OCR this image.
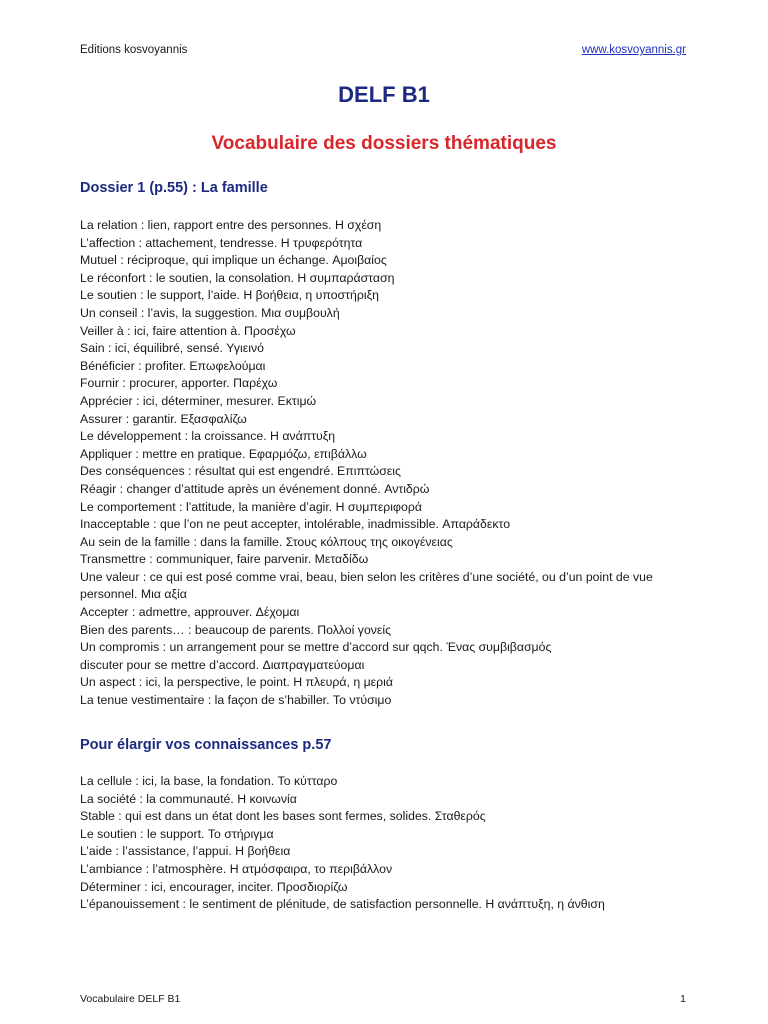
Editions kosvoyannis	www.kosvoyannis.gr
DELF B1
Vocabulaire des dossiers thématiques
Dossier 1 (p.55) : La famille

La relation : lien, rapport entre des personnes. Η σχέση

L’affection : attachement, tendresse. Η τρυφερότητα

Mutuel : réciproque, qui implique un échange. Αμοιβαίος

Le réconfort : le soutien, la consolation. Η συμπαράσταση

Le soutien : le support, l’aide. Η βοήθεια, η υποστήριξη

Un conseil : l’avis, la suggestion. Μια συμβουλή

Veiller à : ici, faire attention à. Προσέχω

Sain : ici, équilibré, sensé. Υγιεινό

Bénéficier : profiter. Επωφελούμαι

Fournir : procurer, apporter. Παρέχω

Apprécier : ici, déterminer, mesurer. Εκτιμώ

Assurer : garantir. Εξασφαλίζω

Le développement : la croissance. Η ανάπτυξη

Appliquer : mettre en pratique. Εφαρμόζω, επιβάλλω

Des conséquences : résultat qui est engendré. Επιπτώσεις

Réagir : changer d’attitude après un événement donné. Αντιδρώ

Le comportement : l’attitude, la manière d’agir. Η συμπεριφορά

Inacceptable : que l’on ne peut accepter, intolérable, inadmissible. Απαράδεκτο

Au sein de la famille : dans la famille. Στους κόλπους της οικογένειας

Transmettre : communiquer, faire parvenir. Μεταδίδω

Une valeur : ce qui est posé comme vrai, beau, bien selon les critères d’une société, ou d’un point de vue personnel. Μια αξία

Accepter : admettre, approuver. Δέχομαι

Bien des parents… : beaucoup de parents. Πολλοί γονείς

Un compromis : un arrangement pour se mettre d’accord sur qqch. Ένας συμβιβασμός

discuter pour se mettre d’accord. Διαπραγματεύομαι

Un aspect : ici, la perspective, le point. Η πλευρά, η μεριά

La tenue vestimentaire : la façon de s’habiller. Το ντύσιμο

Pour élargir vos connaissances p.57

La cellule : ici, la base, la fondation. Το κύτταρο

La société : la communauté. Η κοινωνία

Stable : qui est dans un état dont les bases sont fermes, solides. Σταθερός

Le soutien : le support. Το στήριγμα

L’aide : l’assistance, l’appui. Η βοήθεια

L’ambiance : l’atmosphère. Η ατμόσφαιρα, το περιβάλλον

Déterminer : ici, encourager, inciter. Προσδιορίζω

L’épanouissement : le sentiment de plénitude, de satisfaction personnelle. Η ανάπτυξη, η άνθιση

Vocabulaire DELF B1	1
